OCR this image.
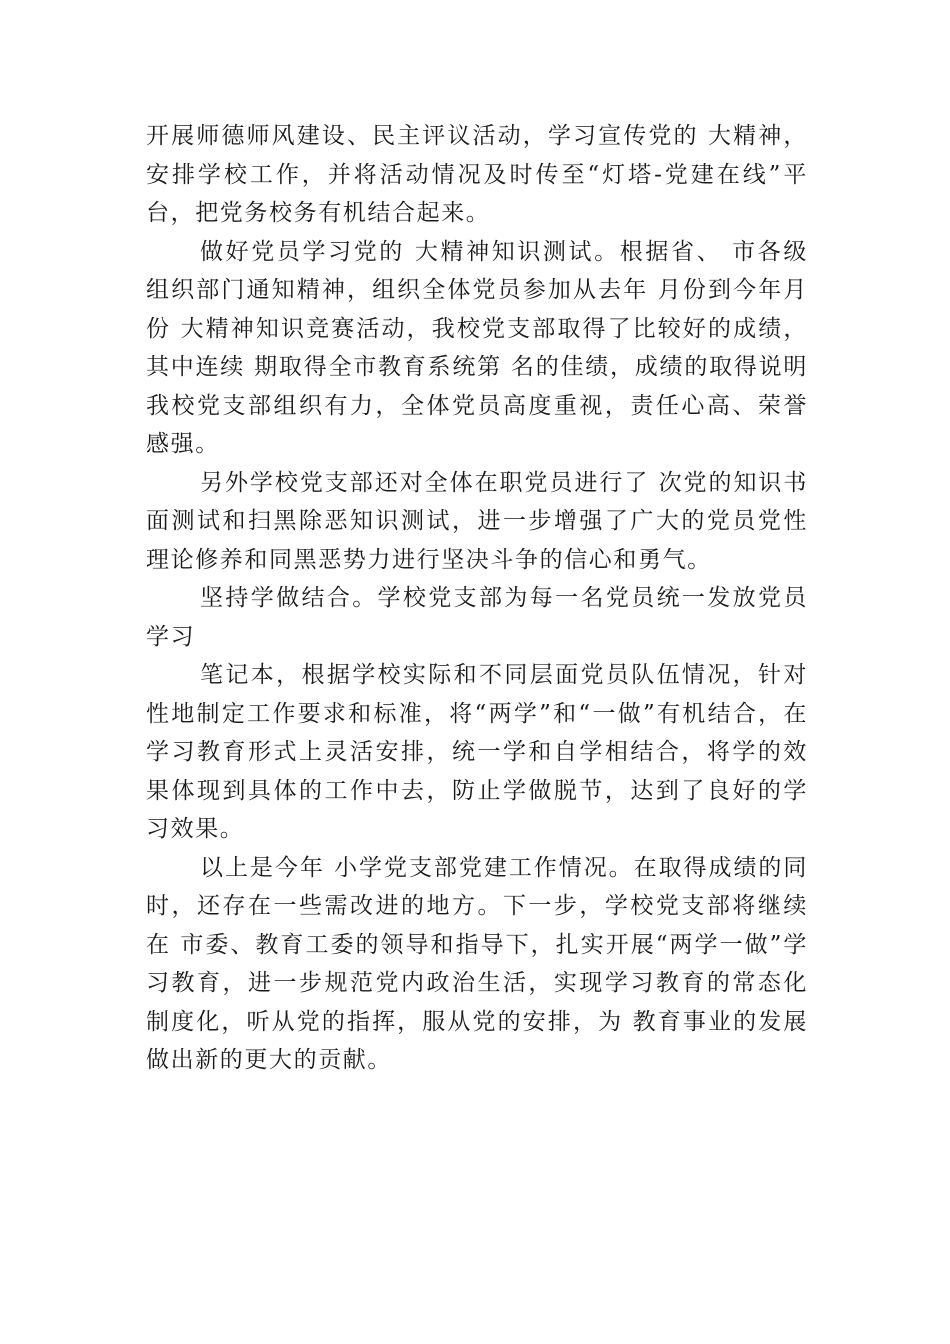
开展师德师风建设、民主评议活动，学习宣传党的 大精神，安排学校工作，并将活动情况及时传至“灯塔-党建在线”平台，把党务校务有机结合起来。

做好党员学习党的 大精神知识测试。根据省、 市各级组织部门通知精神，组织全体党员参加从去年 月份到今年月份 大精神知识竞赛活动，我校党支部取得了比较好的成绩，其中连续 期取得全市教育系统第 名的佳绩，成绩的取得说明我校党支部组织有力，全体党员高度重视，责任心高、荣誉感强。

另外学校党支部还对全体在职党员进行了 次党的知识书面测试和扫黑除恶知识测试，进一步增强了广大的党员党性理论修养和同黑恶势力进行坚决斗争的信心和勇气。

坚持学做结合。学校党支部为每一名党员统一发放党员学习

笔记本，根据学校实际和不同层面党员队伍情况，针对性地制定工作要求和标准，将“两学”和“一做”有机结合，在学习教育形式上灵活安排，统一学和自学相结合，将学的效果体现到具体的工作中去，防止学做脱节，达到了良好的学习效果。

以上是今年 小学党支部党建工作情况。在取得成绩的同时，还存在一些需改进的地方。下一步，学校党支部将继续在 市委、教育工委的领导和指导下，扎实开展“两学一做”学习教育，进一步规范党内政治生活，实现学习教育的常态化制度化，听从党的指挥，服从党的安排，为 教育事业的发展做出新的更大的贡献。
